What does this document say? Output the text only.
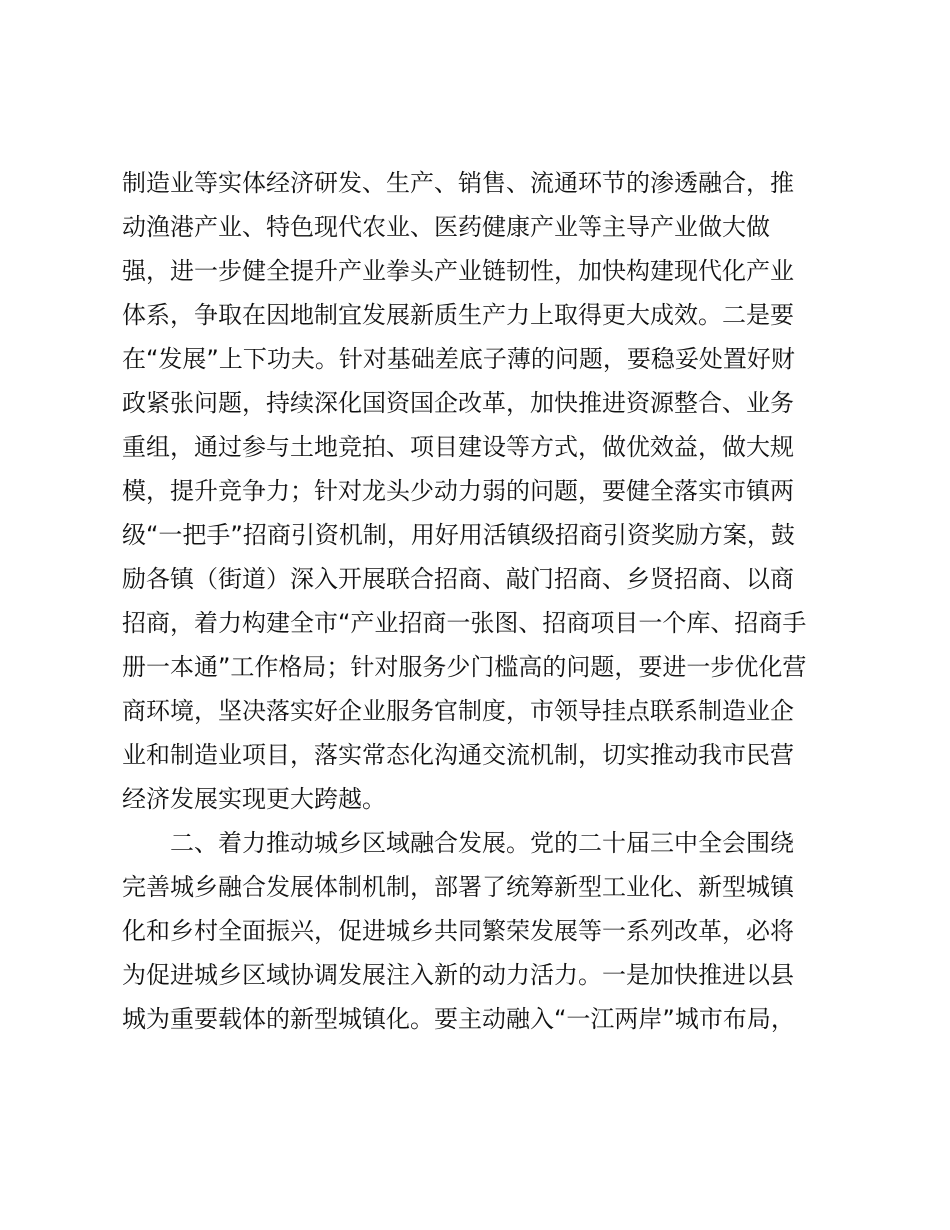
制造业等实体经济研发、生产、销售、流通环节的渗透融合，推
动渔港产业、特色现代农业、医药健康产业等主导产业做大做
强，进一步健全提升产业拳头产业链韧性，加快构建现代化产业
体系，争取在因地制宜发展新质生产力上取得更大成效。二是要
在“发展”上下功夫。针对基础差底子薄的问题，要稳妥处置好财
政紧张问题，持续深化国资国企改革，加快推进资源整合、业务
重组，通过参与土地竞拍、项目建设等方式，做优效益，做大规
模，提升竞争力；针对龙头少动力弱的问题，要健全落实市镇两
级“一把手”招商引资机制，用好用活镇级招商引资奖励方案，鼓
励各镇（街道）深入开展联合招商、敲门招商、乡贤招商、以商
招商，着力构建全市“产业招商一张图、招商项目一个库、招商手
册一本通”工作格局；针对服务少门槛高的问题，要进一步优化营
商环境，坚决落实好企业服务官制度，市领导挂点联系制造业企
业和制造业项目，落实常态化沟通交流机制，切实推动我市民营
经济发展实现更大跨越。
　　二、着力推动城乡区域融合发展。党的二十届三中全会围绕
完善城乡融合发展体制机制，部署了统筹新型工业化、新型城镇
化和乡村全面振兴，促进城乡共同繁荣发展等一系列改革，必将
为促进城乡区域协调发展注入新的动力活力。一是加快推进以县
城为重要载体的新型城镇化。要主动融入“一江两岸”城市布局，
